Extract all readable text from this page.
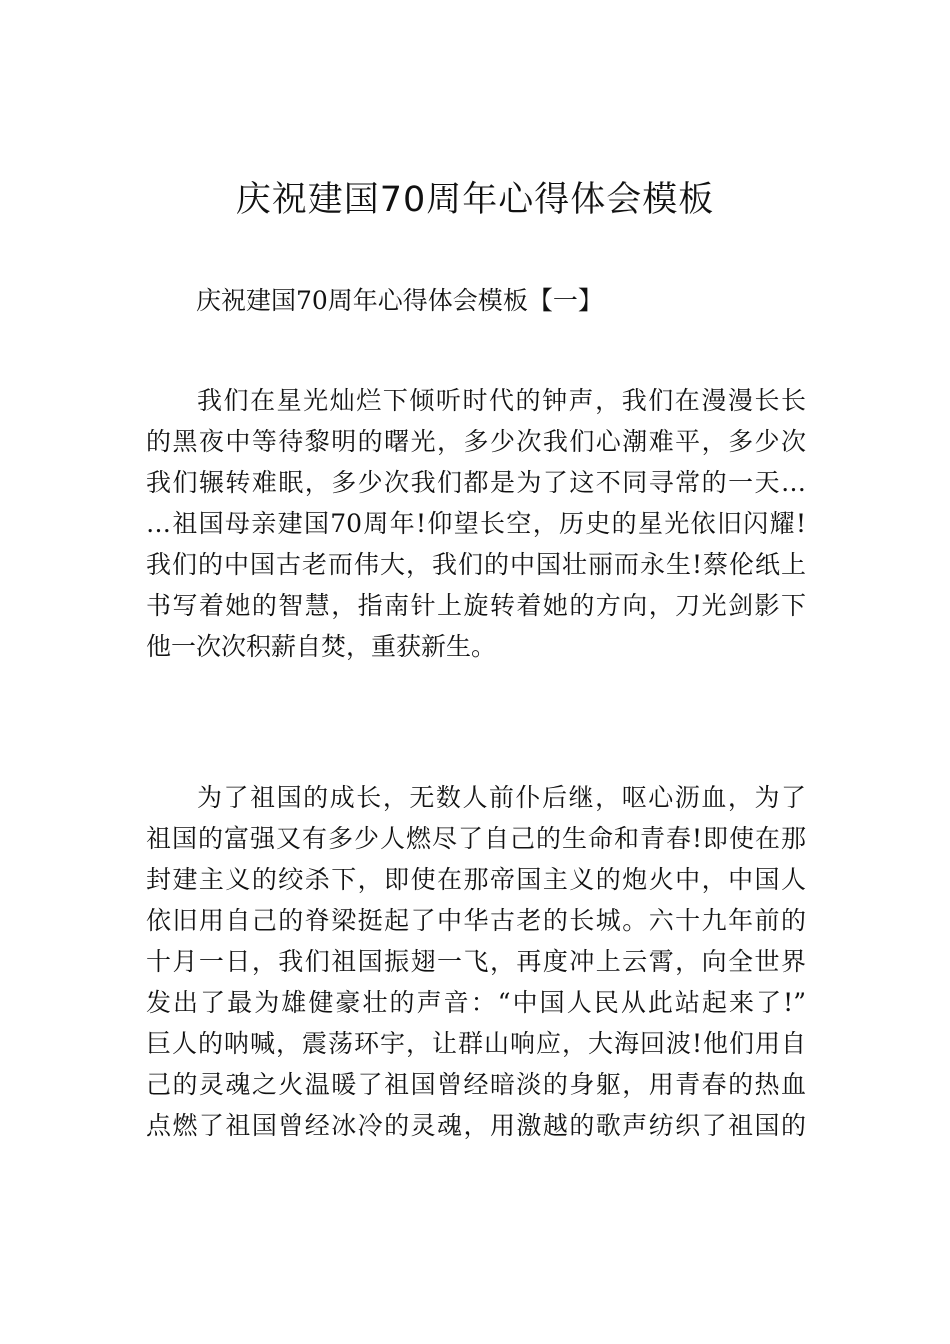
庆祝建国70周年心得体会模板

庆祝建国70周年心得体会模板【一】

我们在星光灿烂下倾听时代的钟声，我们在漫漫长长
的黑夜中等待黎明的曙光，多少次我们心潮难平，多少次
我们辗转难眠，多少次我们都是为了这不同寻常的一天…
…祖国母亲建国70周年!仰望长空，历史的星光依旧闪耀!
我们的中国古老而伟大，我们的中国壮丽而永生!蔡伦纸上
书写着她的智慧，指南针上旋转着她的方向，刀光剑影下
他一次次积薪自焚，重获新生。
为了祖国的成长，无数人前仆后继，呕心沥血，为了
祖国的富强又有多少人燃尽了自己的生命和青春!即使在那
封建主义的绞杀下，即使在那帝国主义的炮火中，中国人
依旧用自己的脊梁挺起了中华古老的长城。六十九年前的
十月一日，我们祖国振翅一飞，再度冲上云霄，向全世界
发出了最为雄健豪壮的声音：“中国人民从此站起来了!”
巨人的呐喊，震荡环宇，让群山响应，大海回波!他们用自
己的灵魂之火温暖了祖国曾经暗淡的身躯，用青春的热血
点燃了祖国曾经冰冷的灵魂，用激越的歌声纺织了祖国的
